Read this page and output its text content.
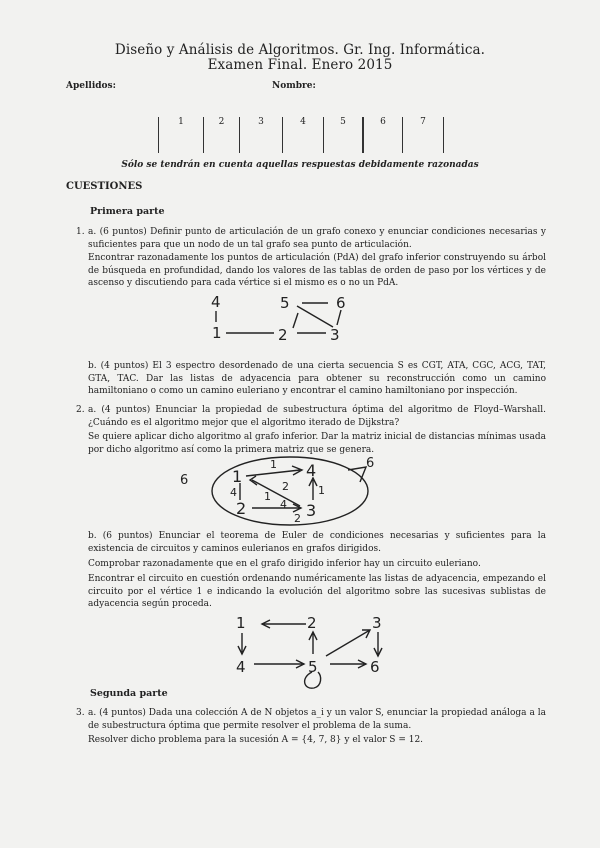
Diseño y Análisis de Algoritmos. Gr. Ing. Informática.
Examen Final. Enero 2015
Apellidos:	Nombre:
1	2	3	4	5	6	7
Sólo se tendrán en cuenta aquellas respuestas debidamente razonadas
CUESTIONES
Primera parte
1. a. (6 puntos) Definir punto de articulación de un grafo conexo y enunciar condiciones necesarias y suficientes para que un nodo de un tal grafo sea punto de articulación.
Encontrar razonadamente los puntos de articulación (PdA) del grafo inferior construyendo su árbol de búsqueda en profundidad, dando los valores de las tablas de orden de paso por los vértices y de ascenso y discutiendo para cada vértice si el mismo es o no un PdA.
4	5	6
1	2	3
b. (4 puntos) El 3 espectro desordenado de una cierta secuencia S es CGT, ATA, CGC, ACG, TAT, GTA, TAC. Dar las listas de adyacencia para obtener su reconstrucción como un camino hamiltoniano o como un camino euleriano y encontrar el camino hamiltoniano por inspección.
2. a. (4 puntos) Enunciar la propiedad de subestructura óptima del algoritmo de Floyd–Warshall. ¿Cuándo es el algoritmo mejor que el algoritmo iterado de Dijkstra?
Se quiere aplicar dicho algoritmo al grafo inferior. Dar la matriz inicial de distancias mínimas usada por dicho algoritmo así como la primera matriz que se genera.
1	4
2	3
6
1
4	2
4
1	1
2
6
b. (6 puntos) Enunciar el teorema de Euler de condiciones necesarias y suficientes para la existencia de circuitos y caminos eulerianos en grafos dirigidos.
Comprobar razonadamente que en el grafo dirigido inferior hay un circuito euleriano.
Encontrar el circuito en cuestión ordenando numéricamente las listas de adyacencia, empezando el circuito por el vértice 1 e indicando la evolución del algoritmo sobre las sucesivas sublistas de adyacencia según proceda.
1	2	3
4	5	6
Segunda parte
3. a. (4 puntos) Dada una colección A de N objetos a_i y un valor S, enunciar la propiedad análoga a la de subestructura óptima que permite resolver el problema de la suma.
Resolver dicho problema para la sucesión A = {4, 7, 8} y el valor S = 12.
